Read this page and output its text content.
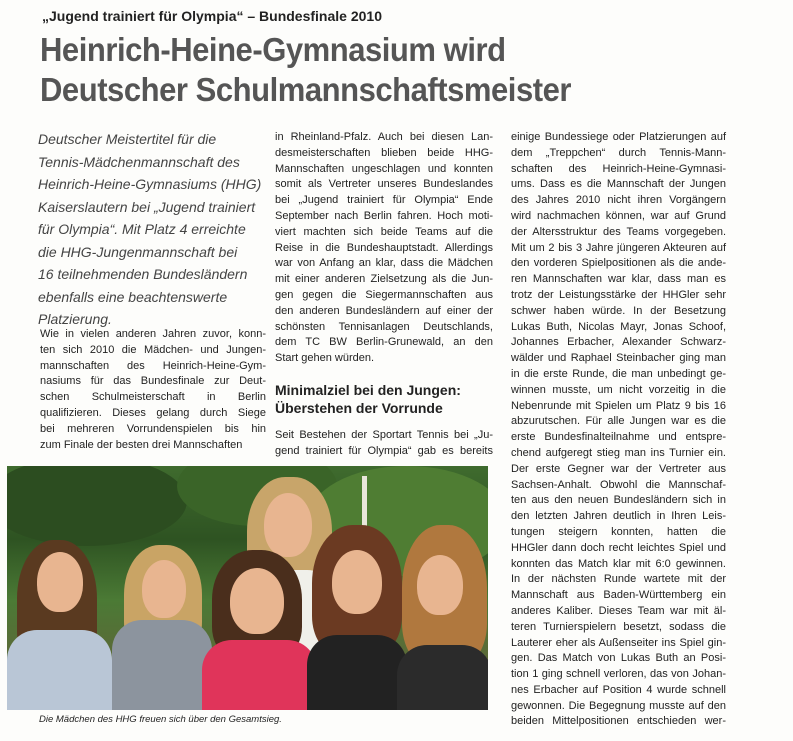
„Jugend trainiert für Olympia“ – Bundesfinale 2010
Heinrich-Heine-Gymnasium wird
Deutscher Schulmannschaftsmeister
Deutscher Meistertitel für die
Tennis-Mädchenmannschaft des
Heinrich-Heine-Gymnasiums (HHG)
Kaiserslautern bei „Jugend trainiert
für Olympia“. Mit Platz 4 erreichte
die HHG-Jungenmannschaft bei
16 teilnehmenden Bundesländern
ebenfalls eine beachtenswerte
Platzierung.
Wie in vielen anderen Jahren zuvor, konn-
ten sich 2010 die Mädchen- und Jungen-
mannschaften des Heinrich-Heine-Gym-
nasiums für das Bundesfinale zur Deut-
schen Schulmeisterschaft in Berlin
qualifizieren. Dieses gelang durch Siege
bei mehreren Vorrundenspielen bis hin
zum Finale der besten drei Mannschaften
in Rheinland-Pfalz. Auch bei diesen Lan-
desmeisterschaften blieben beide HHG-
Mannschaften ungeschlagen und konnten
somit als Vertreter unseres Bundeslandes
bei „Jugend trainiert für Olympia“ Ende
September nach Berlin fahren. Hoch moti-
viert machten sich beide Teams auf die
Reise in die Bundeshauptstadt. Allerdings
war von Anfang an klar, dass die Mädchen
mit einer anderen Zielsetzung als die Jun-
gen gegen die Siegermannschaften aus
den anderen Bundesländern auf einer der
schönsten Tennisanlagen Deutschlands,
dem TC BW Berlin-Grunewald, an den
Start gehen würden.
Minimalziel bei den Jungen:
Überstehen der Vorrunde
Seit Bestehen der Sportart Tennis bei „Ju-
gend trainiert für Olympia“ gab es bereits
einige Bundessiege oder Platzierungen auf
dem „Treppchen“ durch Tennis-Mann-
schaften des Heinrich-Heine-Gymnasi-
ums. Dass es die Mannschaft der Jungen
des Jahres 2010 nicht ihren Vorgängern
wird nachmachen können, war auf Grund
der Altersstruktur des Teams vorgegeben.
Mit um 2 bis 3 Jahre jüngeren Akteuren auf
den vorderen Spielpositionen als die ande-
ren Mannschaften war klar, dass man es
trotz der Leistungsstärke der HHGler sehr
schwer haben würde. In der Besetzung
Lukas Buth, Nicolas Mayr, Jonas Schoof,
Johannes Erbacher, Alexander Schwarz-
wälder und Raphael Steinbacher ging man
in die erste Runde, die man unbedingt ge-
winnen musste, um nicht vorzeitig in die
Nebenrunde mit Spielen um Platz 9 bis 16
abzurutschen. Für alle Jungen war es die
erste Bundesfinalteilnahme und entspre-
chend aufgeregt stieg man ins Turnier ein.
Der erste Gegner war der Vertreter aus
Sachsen-Anhalt. Obwohl die Mannschaf-
ten aus den neuen Bundesländern sich in
den letzten Jahren deutlich in Ihren Leis-
tungen steigern konnten, hatten die
HHGler dann doch recht leichtes Spiel und
konnten das Match klar mit 6:0 gewinnen.
In der nächsten Runde wartete mit der
Mannschaft aus Baden-Württemberg ein
anderes Kaliber. Dieses Team war mit äl-
teren Turnierspielern besetzt, sodass die
Lauterer eher als Außenseiter ins Spiel gin-
gen. Das Match von Lukas Buth an Posi-
tion 1 ging schnell verloren, das von Johan-
nes Erbacher auf Position 4 wurde schnell
gewonnen. Die Begegnung musste auf den
beiden Mittelpositionen entschieden wer-
Die Mädchen des HHG freuen sich über den Gesamtsieg.
